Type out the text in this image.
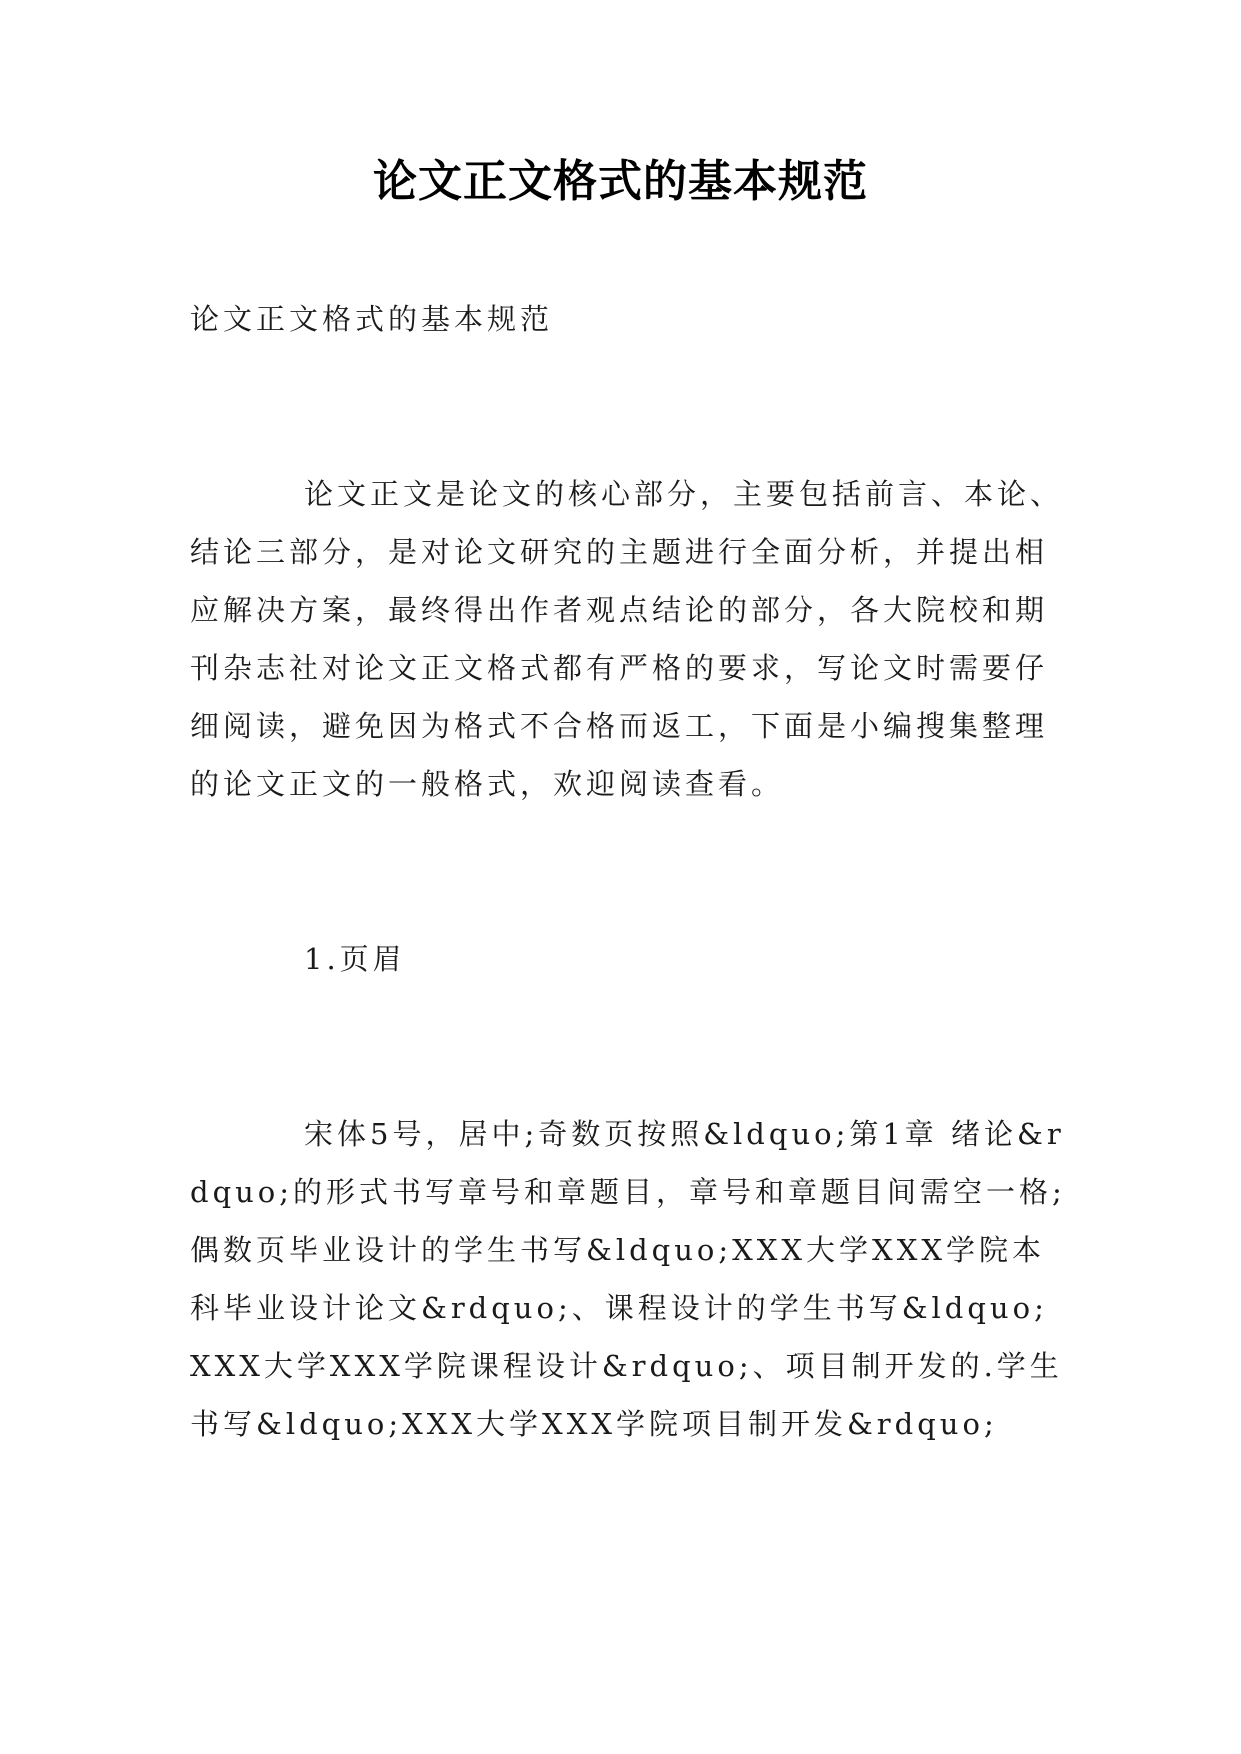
论文正文格式的基本规范

论文正文格式的基本规范

论文正文是论文的核心部分，主要包括前言、本论、结论三部分，是对论文研究的主题进行全面分析，并提出相应解决方案，最终得出作者观点结论的部分，各大院校和期刊杂志社对论文正文格式都有严格的要求，写论文时需要仔细阅读，避免因为格式不合格而返工，下面是小编搜集整理的论文正文的一般格式，欢迎阅读查看。

1.页眉

宋体5号，居中;奇数页按照&ldquo;第1章 绪论&rdquo;的形式书写章号和章题目，章号和章题目间需空一格;偶数页毕业设计的学生书写&ldquo;XXX大学XXX学院本科毕业设计论文&rdquo;、课程设计的学生书写&ldquo;XXX大学XXX学院课程设计&rdquo;、项目制开发的.学生书写&ldquo;XXX大学XXX学院项目制开发&rdquo;
